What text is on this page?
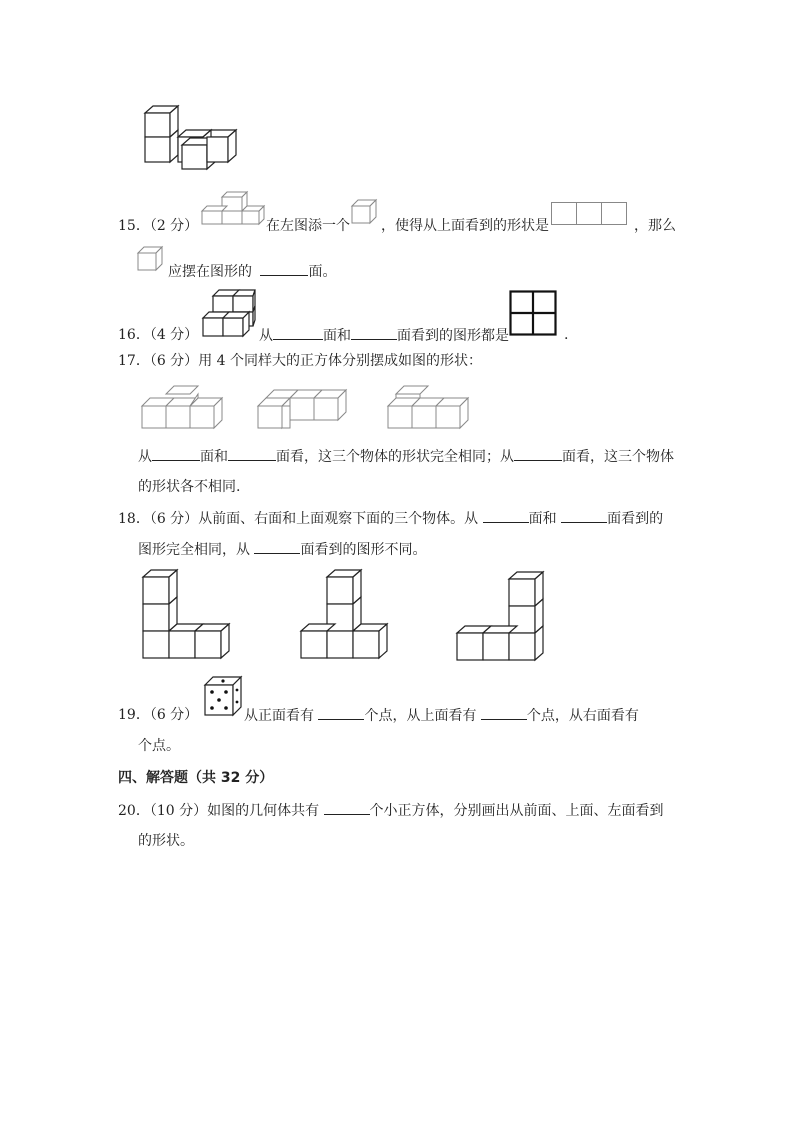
15．（2 分）	在左图添一个 ，使得从上面看到的形状是	，那么
应摆在图形的	面。
16．（4 分）	从	面和	面看到的图形都是	.
17．（6 分）用 4 个同样大的正方体分别摆成如图的形状：
从	面和	面看，这三个物体的形状完全相同；从	面看，这三个物体
的形状各不相同.
18．（6 分）从前面、右面和上面观察下面的三个物体。从	面和	面看到的
图形完全相同，从	面看到的图形不同。
19．（6 分）	从正面看有	个点，从上面看有	个点，从右面看有
个点。
四、解答题（共 32 分）
20．（10 分）如图的几何体共有	个小正方体，分别画出从前面、上面、左面看到
的形状。
